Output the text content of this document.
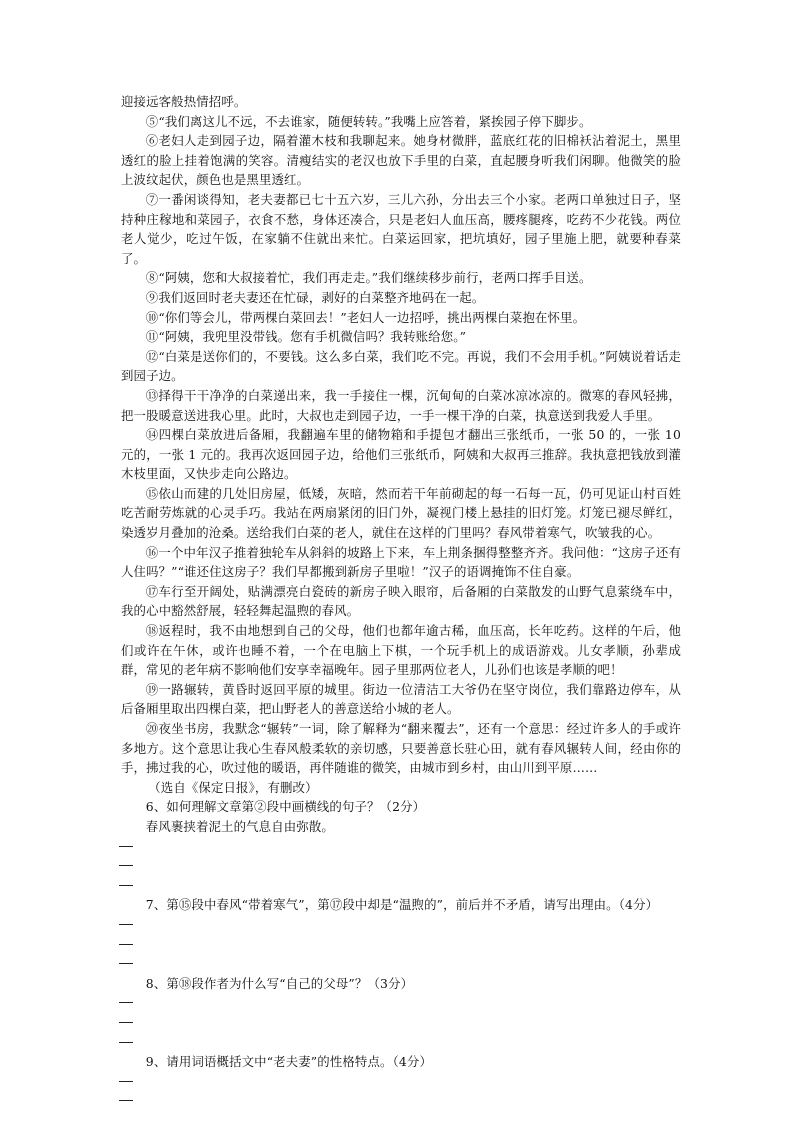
迎接远客般热情招呼。

⑤“我们离这儿不远，不去谁家，随便转转。”我嘴上应答着，紧挨园子停下脚步。

⑥老妇人走到园子边，隔着灌木枝和我聊起来。她身材微胖，蓝底红花的旧棉袄沾着泥土，黑里透红的脸上挂着饱满的笑容。清瘦结实的老汉也放下手里的白菜，直起腰身听我们闲聊。他微笑的脸上波纹起伏，颜色也是黑里透红。

⑦一番闲谈得知，老夫妻都已七十五六岁，三儿六孙，分出去三个小家。老两口单独过日子，坚持种庄稼地和菜园子，衣食不愁，身体还凑合，只是老妇人血压高，腰疼腿疼，吃药不少花钱。两位老人觉少，吃过午饭，在家躺不住就出来忙。白菜运回家，把坑填好，园子里施上肥，就要种春菜了。

⑧“阿姨，您和大叔接着忙，我们再走走。”我们继续移步前行，老两口挥手目送。

⑨我们返回时老夫妻还在忙碌，剥好的白菜整齐地码在一起。

⑩“你们等会儿，带两棵白菜回去！”老妇人一边招呼，挑出两棵白菜抱在怀里。

⑪“阿姨，我兜里没带钱。您有手机微信吗？我转账给您。”

⑫“白菜是送你们的，不要钱。这么多白菜，我们吃不完。再说，我们不会用手机。”阿姨说着话走到园子边。

⑬择得干干净净的白菜递出来，我一手接住一棵，沉甸甸的白菜冰凉冰凉的。微寒的春风轻拂，把一股暖意送进我心里。此时，大叔也走到园子边，一手一棵干净的白菜，执意送到我爱人手里。

⑭四棵白菜放进后备厢，我翻遍车里的储物箱和手提包才翻出三张纸币，一张 50 的，一张 10 元的，一张 1 元的。我再次返回园子边，给他们三张纸币，阿姨和大叔再三推辞。我执意把钱放到灌木枝里面，又快步走向公路边。

⑮依山而建的几处旧房屋，低矮，灰暗，然而若干年前砌起的每一石每一瓦，仍可见证山村百姓吃苦耐劳炼就的心灵手巧。我站在两扇紧闭的旧门外，凝视门楼上悬挂的旧灯笼。灯笼已褪尽鲜红，染透岁月叠加的沧桑。送给我们白菜的老人，就住在这样的门里吗？春风带着寒气，吹皱我的心。

⑯一个中年汉子推着独轮车从斜斜的坡路上下来，车上荆条捆得整整齐齐。我问他：“这房子还有人住吗？”“谁还住这房子？我们早都搬到新房子里啦！”汉子的语调掩饰不住自豪。

⑰车行至开阔处，贴满漂亮白瓷砖的新房子映入眼帘，后备厢的白菜散发的山野气息萦绕车中，我的心中豁然舒展，轻轻舞起温煦的春风。

⑱返程时，我不由地想到自己的父母，他们也都年逾古稀，血压高，长年吃药。这样的午后，他们或许在午休，或许也睡不着，一个在电脑上下棋，一个玩手机上的成语游戏。儿女孝顺，孙辈成群，常见的老年病不影响他们安享幸福晚年。园子里那两位老人，儿孙们也该是孝顺的吧！

⑲一路辗转，黄昏时返回平原的城里。街边一位清洁工大爷仍在坚守岗位，我们靠路边停车，从后备厢里取出四棵白菜，把山野老人的善意送给小城的老人。

⑳夜坐书房，我默念“辗转”一词，除了解释为“翻来覆去”，还有一个意思：经过许多人的手或许多地方。这个意思让我心生春风般柔软的亲切感，只要善意长驻心田，就有春风辗转人间，经由你的手，拂过我的心，吹过他的暖语，再伴随谁的微笑，由城市到乡村，由山川到平原……

（选自《保定日报》，有删改）

6、如何理解文章第②段中画横线的句子？（2分）

春风裹挟着泥土的气息自由弥散。

7、第⑮段中春风“带着寒气”，第⑰段中却是“温煦的”，前后并不矛盾，请写出理由。（4分）

8、第⑱段作者为什么写“自己的父母”？（3分）

9、请用词语概括文中“老夫妻”的性格特点。（4分）
